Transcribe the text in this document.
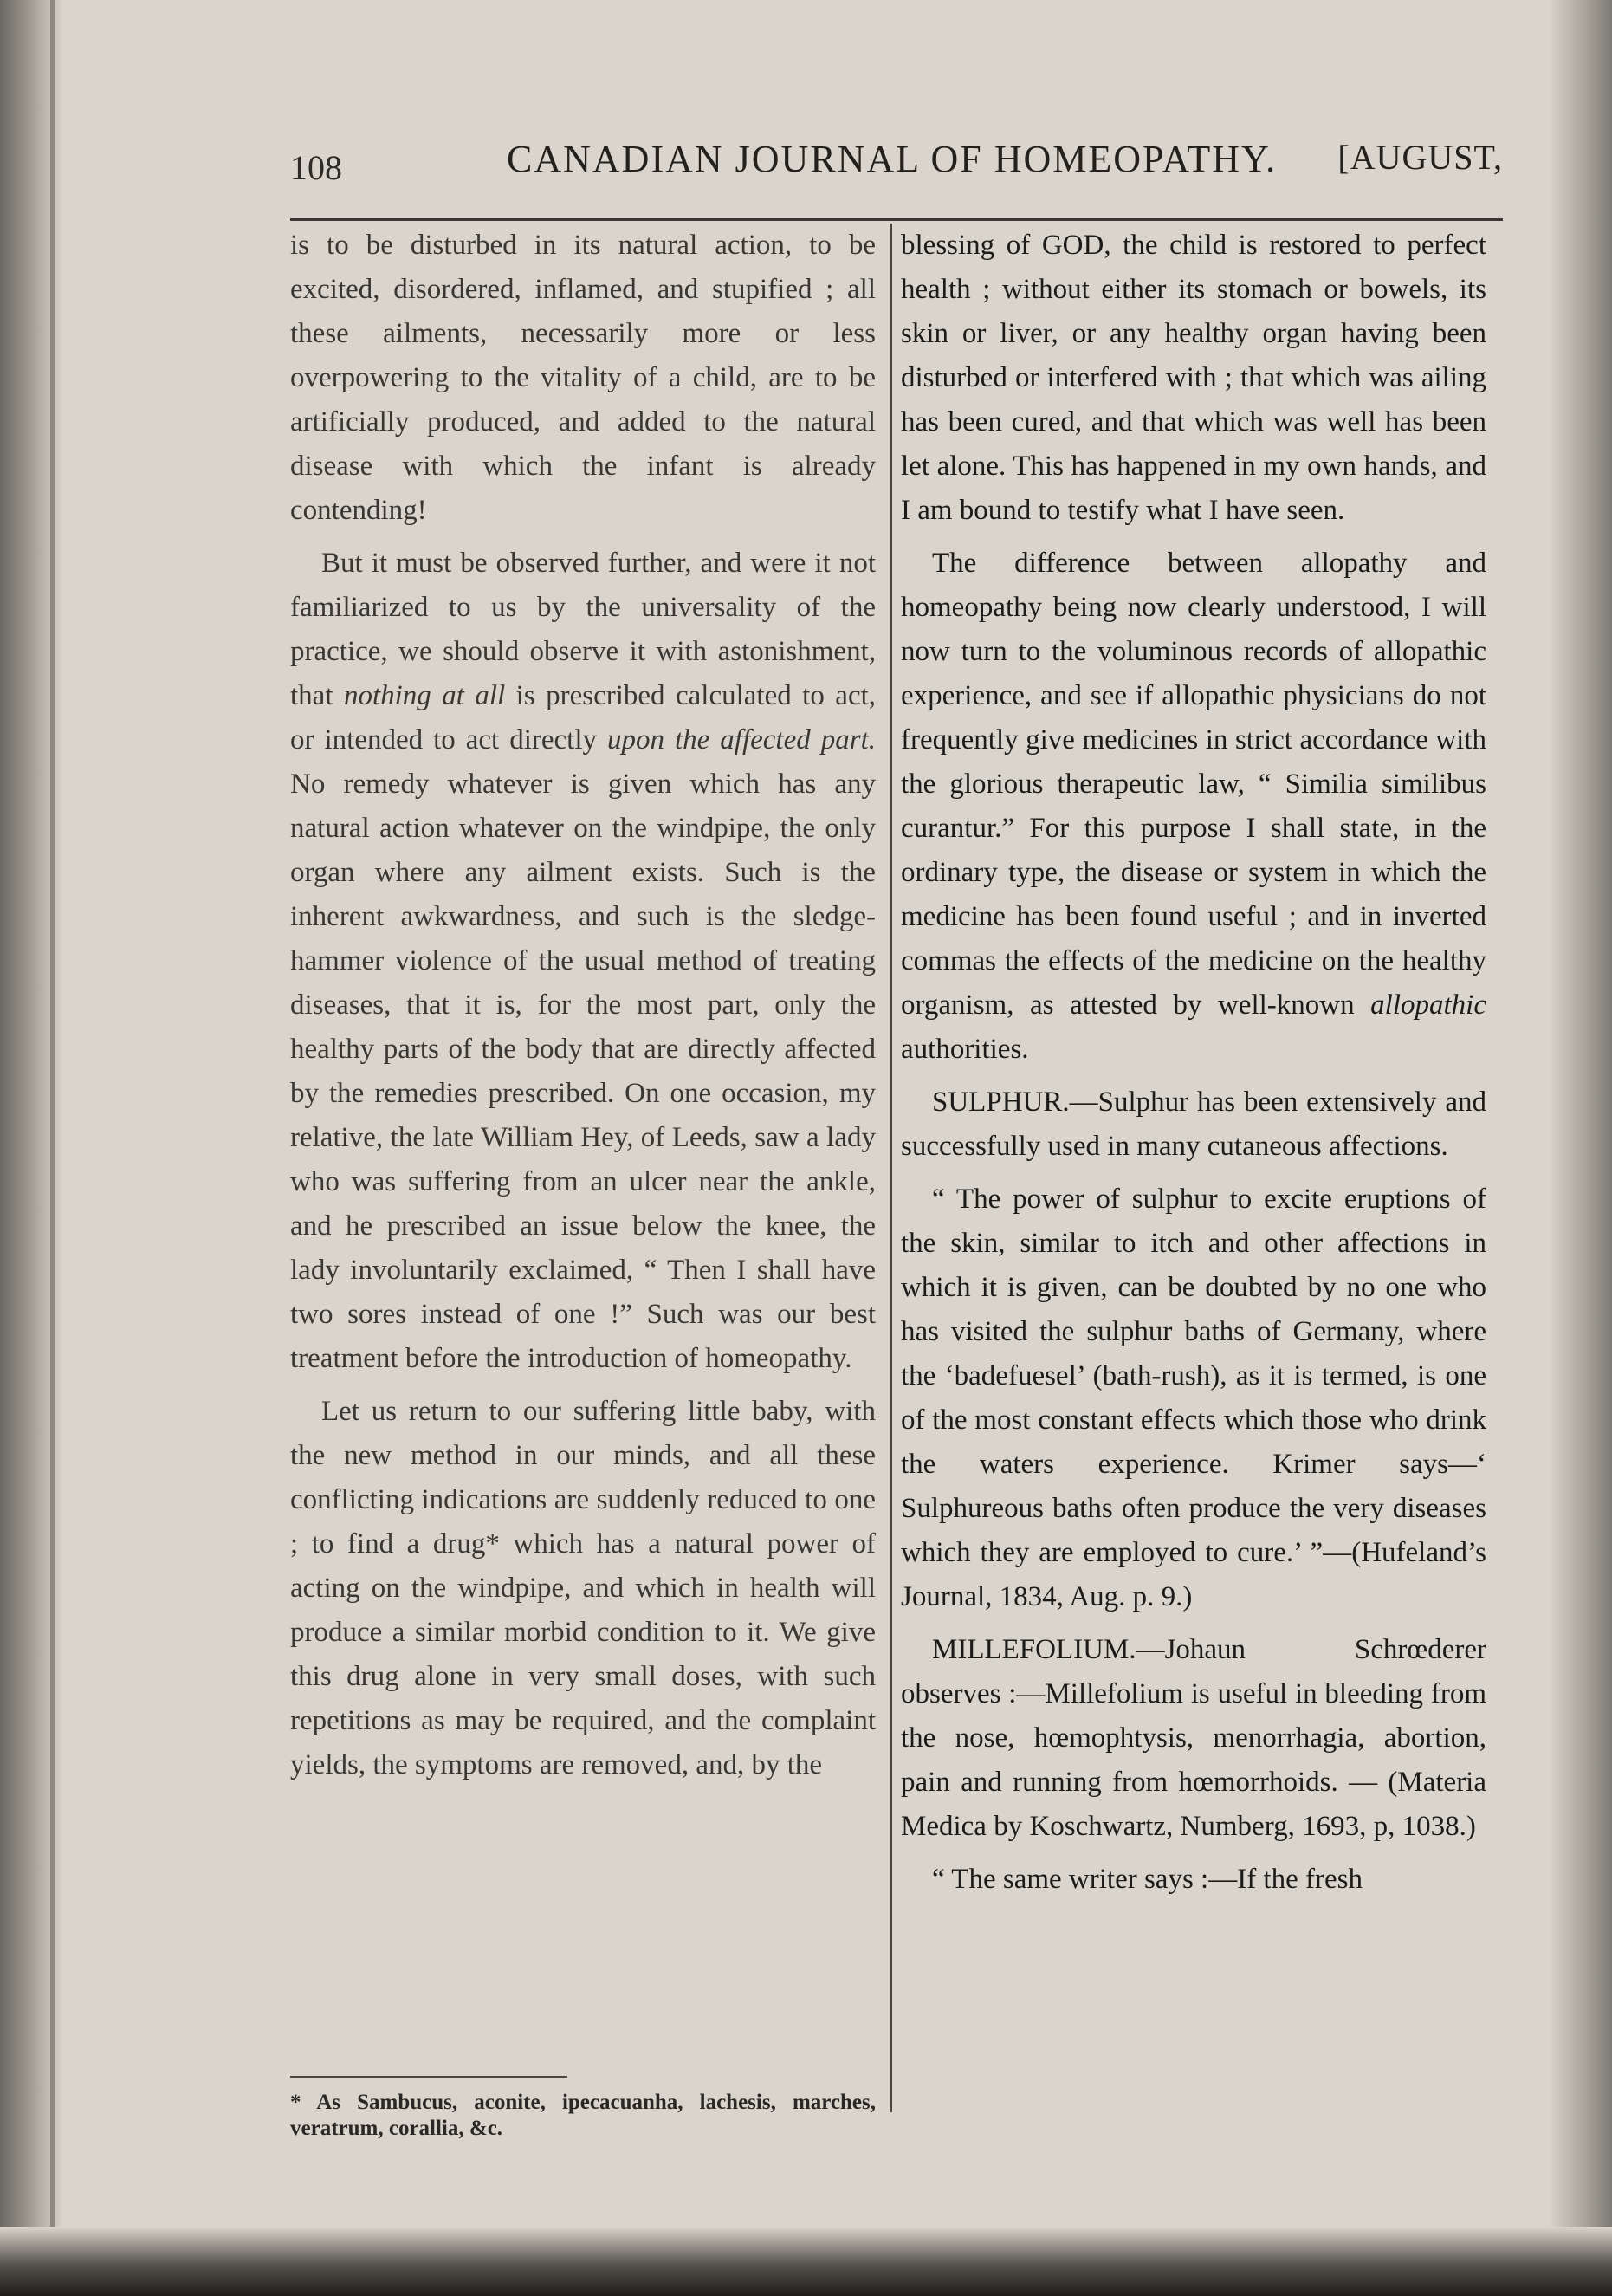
108	CANADIAN JOURNAL OF HOMEOPATHY. [AUGUST,

is to be disturbed in its natural action, to be excited, disordered, inflamed, and stupified ; all these ailments, necessarily more or less overpowering to the vitality of a child, are to be artificially produced, and added to the natural disease with which the infant is already contending!

But it must be observed further, and were it not familiarized to us by the universality of the practice, we should observe it with astonishment, that nothing at all is prescribed calculated to act, or intended to act directly upon the affected part. No remedy whatever is given which has any natural action whatever on the windpipe, the only organ where any ailment exists. Such is the inherent awkwardness, and such is the sledge-hammer violence of the usual method of treating diseases, that it is, for the most part, only the healthy parts of the body that are directly affected by the remedies prescribed. On one occasion, my relative, the late William Hey, of Leeds, saw a lady who was suffering from an ulcer near the ankle, and he prescribed an issue below the knee, the lady involuntarily exclaimed, “ Then I shall have two sores instead of one !” Such was our best treatment before the introduction of homeopathy.

Let us return to our suffering little baby, with the new method in our minds, and all these conflicting indications are suddenly reduced to one ; to find a drug* which has a natural power of acting on the windpipe, and which in health will produce a similar morbid condition to it. We give this drug alone in very small doses, with such repetitions as may be required, and the complaint yields, the symptoms are removed, and, by the

blessing of GOD, the child is restored to perfect health ; without either its stomach or bowels, its skin or liver, or any healthy organ having been disturbed or interfered with ; that which was ailing has been cured, and that which was well has been let alone. This has happened in my own hands, and I am bound to testify what I have seen.

The difference between allopathy and homeopathy being now clearly understood, I will now turn to the voluminous records of allopathic experience, and see if allopathic physicians do not frequently give medicines in strict accordance with the glorious therapeutic law, “ Similia similibus curantur.” For this purpose I shall state, in the ordinary type, the disease or system in which the medicine has been found useful ; and in inverted commas the effects of the medicine on the healthy organism, as attested by well-known allopathic authorities.

SULPHUR.—Sulphur has been extensively and successfully used in many cutaneous affections.

“ The power of sulphur to excite eruptions of the skin, similar to itch and other affections in which it is given, can be doubted by no one who has visited the sulphur baths of Germany, where the ‘badefuesel’ (bath-rush), as it is termed, is one of the most constant effects which those who drink the waters experience. Krimer says—‘ Sulphureous baths often produce the very diseases which they are employed to cure.’ ”—(Hufeland’s Journal, 1834, Aug. p. 9.)

MILLEFOLIUM.—Johaun Schrœderer observes :—Millefolium is useful in bleeding from the nose, hœmophtysis, menorrhagia, abortion, pain and running from hœmorrhoids. — (Materia Medica by Koschwartz, Numberg, 1693, p, 1038.)

“ The same writer says :—If the fresh

* As Sambucus, aconite, ipecacuanha, lachesis, marches, veratrum, corallia, &c.
